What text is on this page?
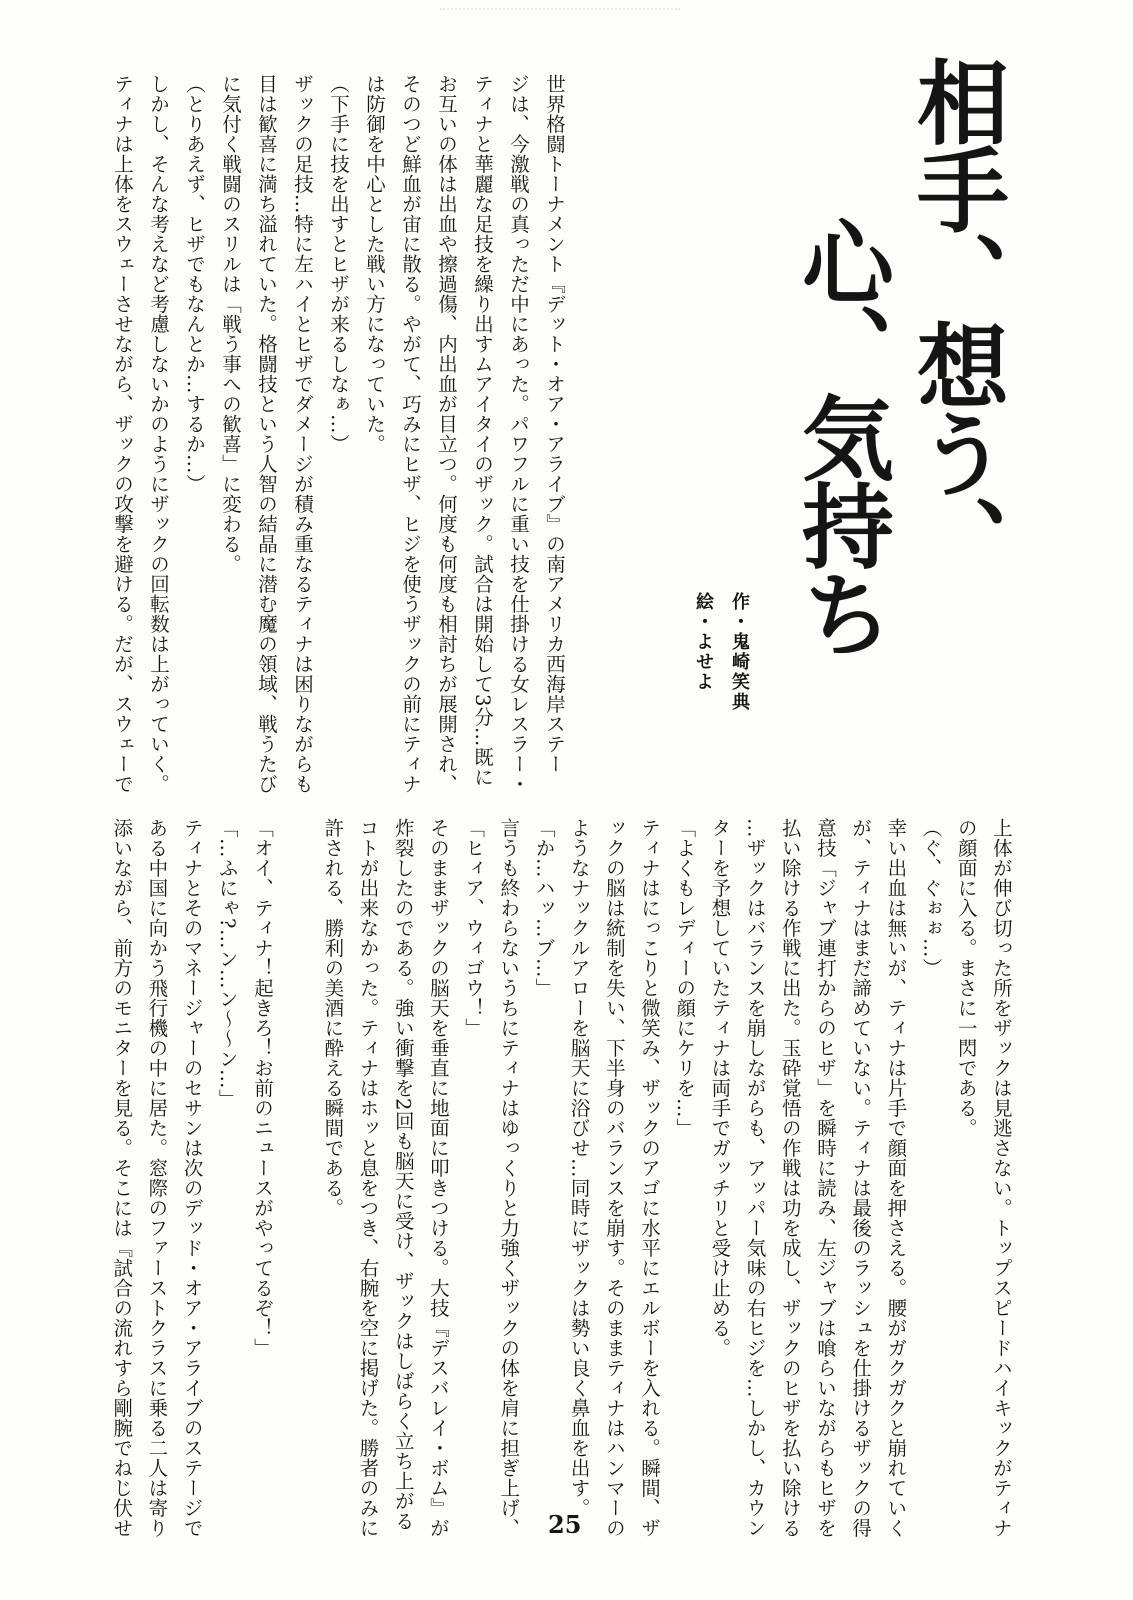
相手、想う、
心、気持ち
作・鬼崎笑典
絵・よせよ
世界格闘トーナメント『デット・オア・アライブ』の南アメリカ西海岸ステー
ジは、今激戦の真っただ中にあった。パワフルに重い技を仕掛ける女レスラー・
ティナと華麗な足技を繰り出すムアイタイのザック。試合は開始して3分…既に
お互いの体は出血や擦過傷、内出血が目立つ。何度も何度も相討ちが展開され、
そのつど鮮血が宙に散る。やがて、巧みにヒザ、ヒジを使うザックの前にティナ
は防御を中心とした戦い方になっていた。
（下手に技を出すとヒザが来るしなぁ…）
ザックの足技…特に左ハイとヒザでダメージが積み重なるティナは困りながらも
目は歓喜に満ち溢れていた。格闘技という人智の結晶に潜む魔の領域、戦うたび
に気付く戦闘のスリルは「戦う事への歓喜」に変わる。
（とりあえず、ヒザでもなんとか…するか…）
しかし、そんな考えなど考慮しないかのようにザックの回転数は上がっていく。
ティナは上体をスウェーさせながら、ザックの攻撃を避ける。だが、スウェーで
上体が伸び切った所をザックは見逃さない。トップスピードハイキックがティナ
の顔面に入る。まさに一閃である。
（ぐ、ぐぉぉ…）
幸い出血は無いが、ティナは片手で顔面を押さえる。腰がガクガクと崩れていく
が、ティナはまだ諦めていない。ティナは最後のラッシュを仕掛けるザックの得
意技「ジャブ連打からのヒザ」を瞬時に読み、左ジャブは喰らいながらもヒザを
払い除ける作戦に出た。玉砕覚悟の作戦は功を成し、ザックのヒザを払い除ける
…ザックはバランスを崩しながらも、アッパー気味の右ヒジを…しかし、カウン
ターを予想していたティナは両手でガッチリと受け止める。
「よくもレディーの顔にケリを…」
ティナはにっこりと微笑み、ザックのアゴに水平にエルボーを入れる。瞬間、ザ
ックの脳は統制を失い、下半身のバランスを崩す。そのままティナはハンマーの
ようなナックルアローを脳天に浴びせ…同時にザックは勢い良く鼻血を出す。
「か…ハッ…ブ…」
言うも終わらないうちにティナはゆっくりと力強くザックの体を肩に担ぎ上げ、
「ヒィア、ウィゴウ！」
そのままザックの脳天を垂直に地面に叩きつける。大技『デスバレイ・ボム』が
炸裂したのである。強い衝撃を2回も脳天に受け、ザックはしばらく立ち上がる
コトが出来なかった。ティナはホッと息をつき、右腕を空に掲げた。勝者のみに
許される、勝利の美酒に酔える瞬間である。
「オイ、ティナ！起きろ！お前のニュースがやってるぞ！」
「…ふにゃ?…ン…ン〜〜ン…」
ティナとそのマネージャーのセサンは次のデッド・オア・アライブのステージで
ある中国に向かう飛行機の中に居た。窓際のファーストクラスに乗る二人は寄り
添いながら、前方のモニターを見る。そこには『試合の流れすら剛腕でねじ伏せ	25
